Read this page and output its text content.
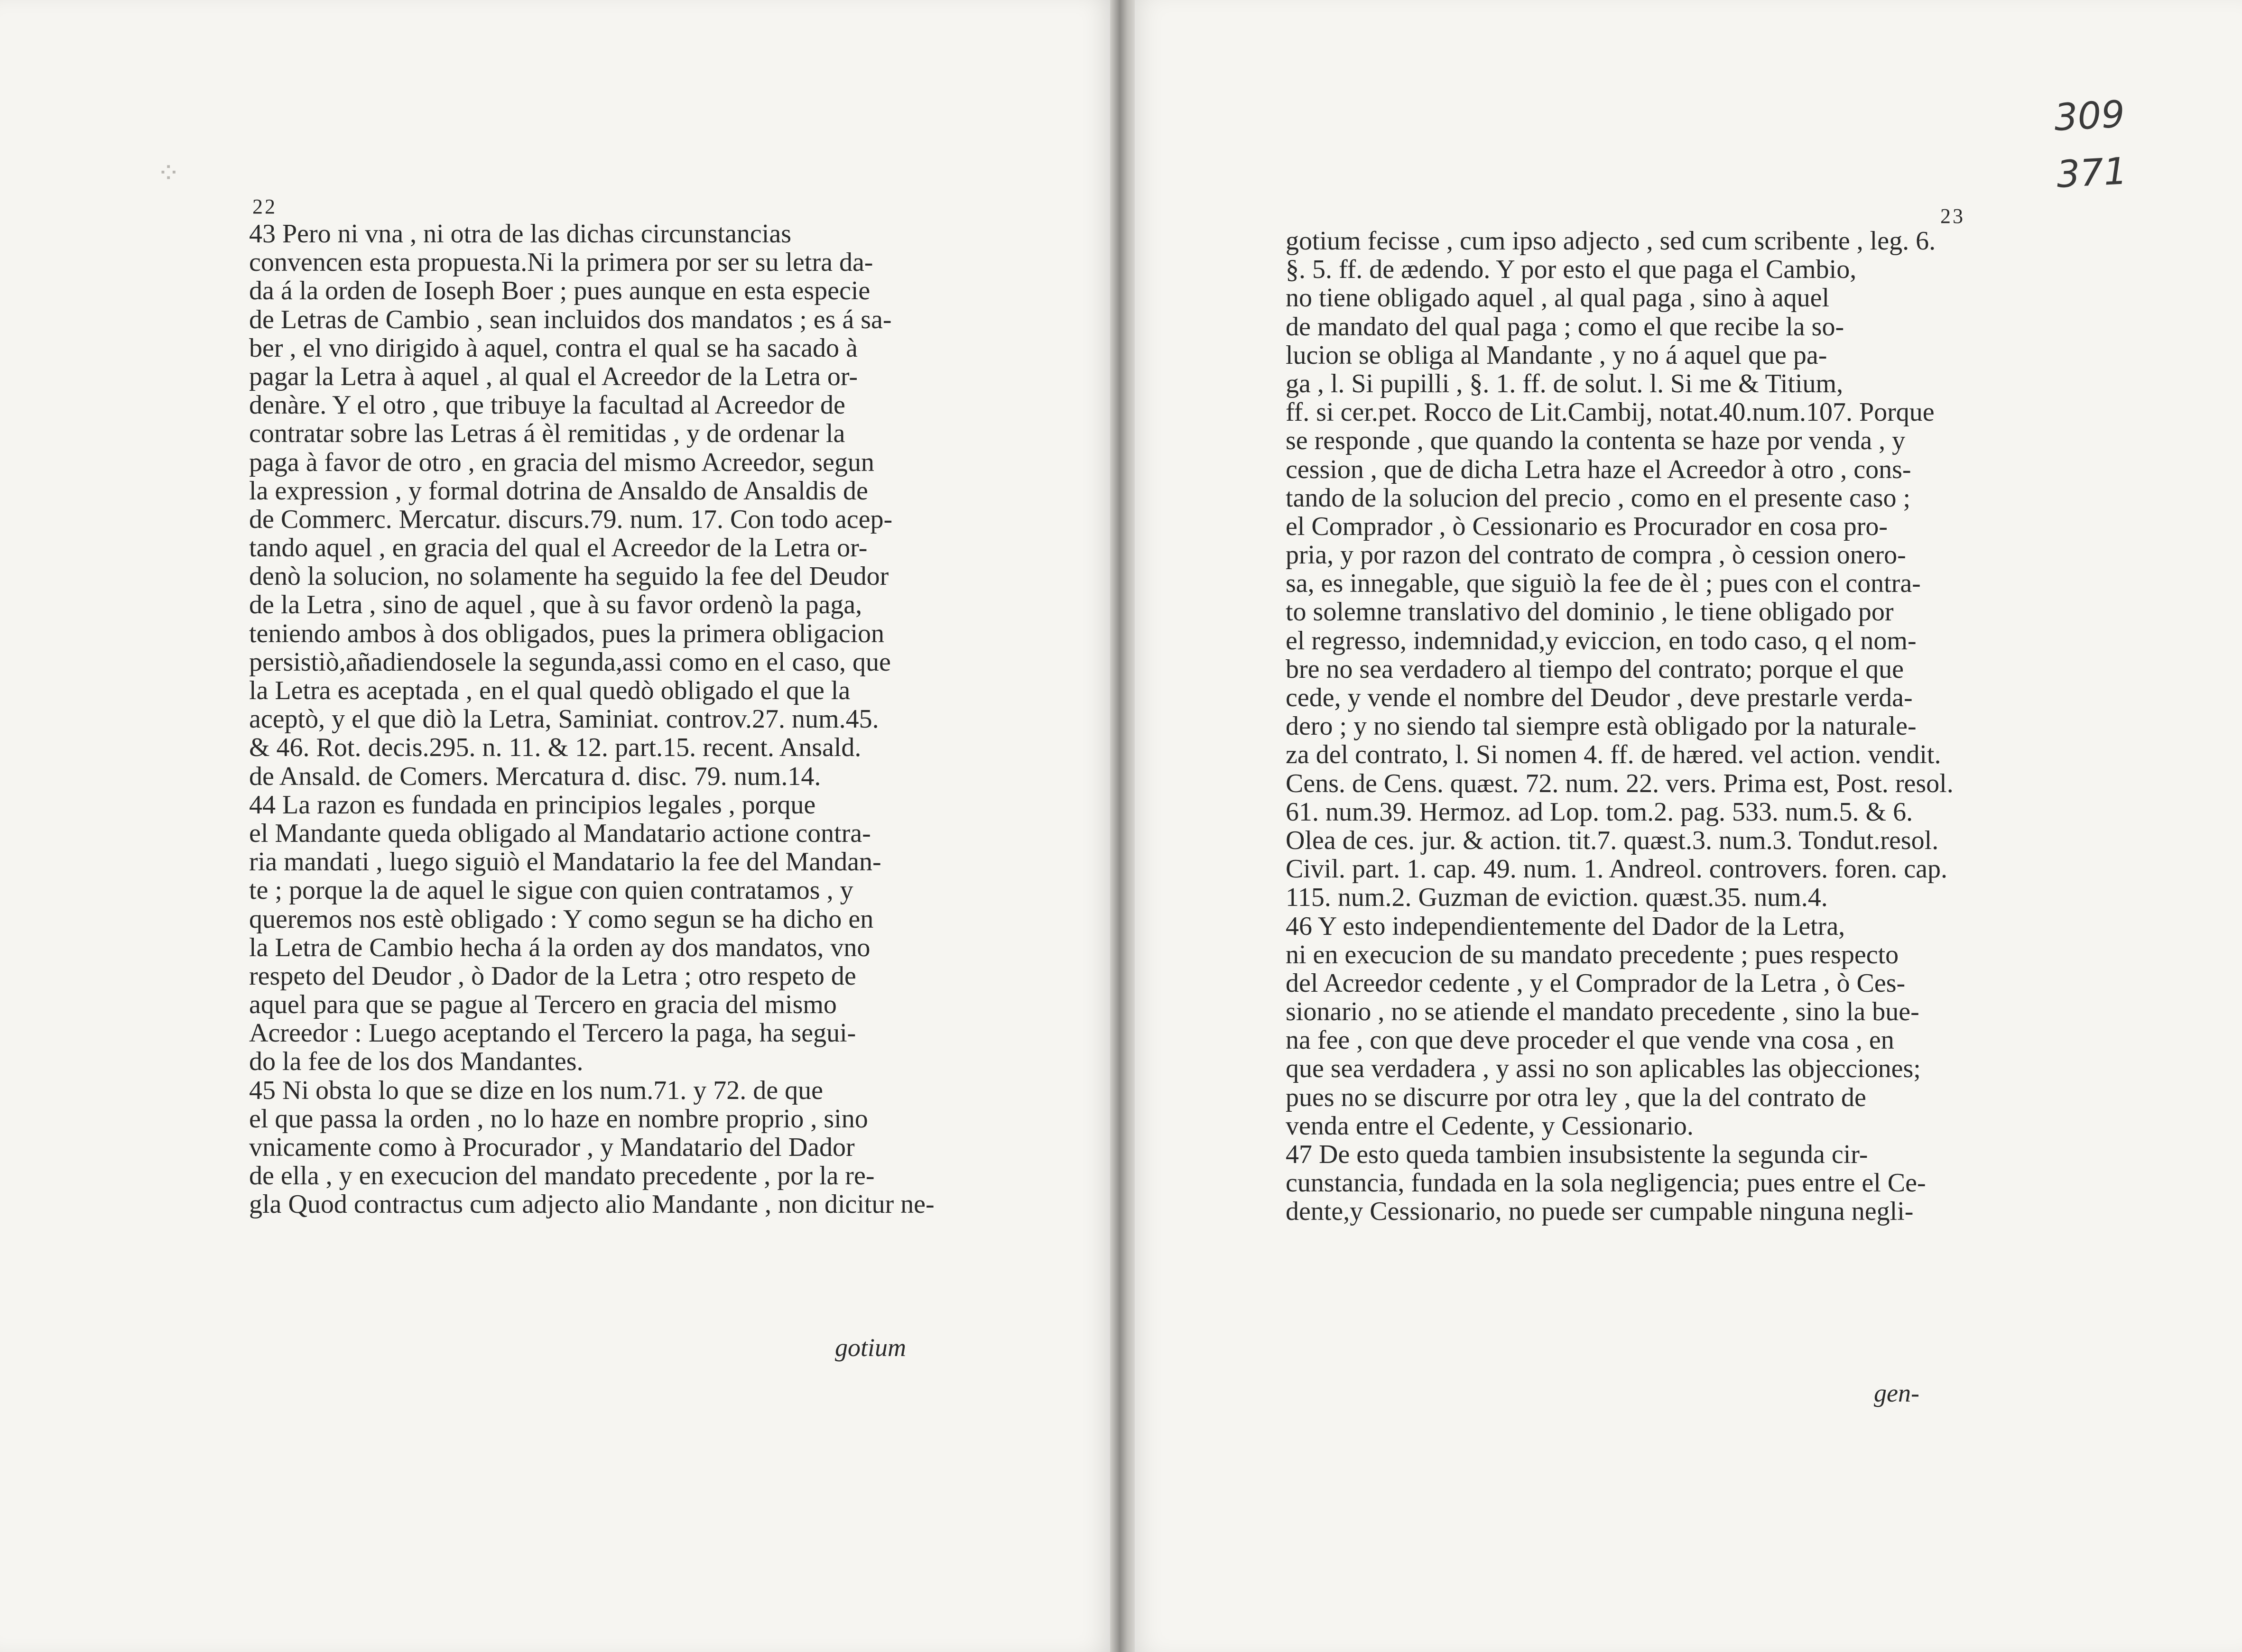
⁘
22
43 Pero ni vna , ni otra de las dichas circunstancias
convencen esta propuesta.Ni la primera por ser su letra da-
da á la orden de Ioseph Boer ; pues aunque en esta especie
de Letras de Cambio , sean incluidos dos mandatos ; es á sa-
ber , el vno dirigido à aquel, contra el qual se ha sacado à
pagar la Letra à aquel , al qual el Acreedor de la Letra or-
denàre. Y el otro , que tribuye la facultad al Acreedor de
contratar sobre las Letras á èl remitidas , y de ordenar la
paga à favor de otro , en gracia del mismo Acreedor, segun
la expression , y formal dotrina de Ansaldo de Ansaldis de
de Commerc. Mercatur. discurs.79. num. 17. Con todo acep-
tando aquel , en gracia del qual el Acreedor de la Letra or-
denò la solucion, no solamente ha seguido la fee del Deudor
de la Letra , sino de aquel , que à su favor ordenò la paga,
teniendo ambos à dos obligados, pues la primera obligacion
persistiò,añadiendosele la segunda,assi como en el caso, que
la Letra es aceptada , en el qual quedò obligado el que la
aceptò, y el que diò la Letra, Saminiat. controv.27. num.45.
& 46. Rot. decis.295. n. 11. & 12. part.15. recent. Ansald.
de Ansald. de Comers. Mercatura d. disc. 79. num.14.
44 La razon es fundada en principios legales , porque
el Mandante queda obligado al Mandatario actione contra-
ria mandati , luego siguiò el Mandatario la fee del Mandan-
te ; porque la de aquel le sigue con quien contratamos , y
queremos nos estè obligado : Y como segun se ha dicho en
la Letra de Cambio hecha á la orden ay dos mandatos, vno
respeto del Deudor , ò Dador de la Letra ; otro respeto de
aquel para que se pague al Tercero en gracia del mismo
Acreedor : Luego aceptando el Tercero la paga, ha segui-
do la fee de los dos Mandantes.
45 Ni obsta lo que se dize en los num.71. y 72. de que
el que passa la orden , no lo haze en nombre proprio , sino
vnicamente como à Procurador , y Mandatario del Dador
de ella , y en execucion del mandato precedente , por la re-
gla Quod contractus cum adjecto alio Mandante , non dicitur ne-
gotium
23
309
371
gotium fecisse , cum ipso adjecto , sed cum scribente , leg. 6.
§. 5. ff. de ædendo. Y por esto el que paga el Cambio,
no tiene obligado aquel , al qual paga , sino à aquel
de mandato del qual paga ; como el que recibe la so-
lucion se obliga al Mandante , y no á aquel que pa-
ga , l. Si pupilli , §. 1. ff. de solut. l. Si me & Titium,
ff. si cer.pet. Rocco de Lit.Cambij, notat.40.num.107. Porque
se responde , que quando la contenta se haze por venda , y
cession , que de dicha Letra haze el Acreedor à otro , cons-
tando de la solucion del precio , como en el presente caso ;
el Comprador , ò Cessionario es Procurador en cosa pro-
pria, y por razon del contrato de compra , ò cession onero-
sa, es innegable, que siguiò la fee de èl ; pues con el contra-
to solemne translativo del dominio , le tiene obligado por
el regresso, indemnidad,y eviccion, en todo caso, q el nom-
bre no sea verdadero al tiempo del contrato; porque el que
cede, y vende el nombre del Deudor , deve prestarle verda-
dero ; y no siendo tal siempre està obligado por la naturale-
za del contrato, l. Si nomen 4. ff. de hæred. vel action. vendit.
Cens. de Cens. quæst. 72. num. 22. vers. Prima est, Post. resol.
61. num.39. Hermoz. ad Lop. tom.2. pag. 533. num.5. & 6.
Olea de ces. jur. & action. tit.7. quæst.3. num.3. Tondut.resol.
Civil. part. 1. cap. 49. num. 1. Andreol. controvers. foren. cap.
115. num.2. Guzman de eviction. quæst.35. num.4.
46 Y esto independientemente del Dador de la Letra,
ni en execucion de su mandato precedente ; pues respecto
del Acreedor cedente , y el Comprador de la Letra , ò Ces-
sionario , no se atiende el mandato precedente , sino la bue-
na fee , con que deve proceder el que vende vna cosa , en
que sea verdadera , y assi no son aplicables las objecciones;
pues no se discurre por otra ley , que la del contrato de
venda entre el Cedente, y Cessionario.
47 De esto queda tambien insubsistente la segunda cir-
cunstancia, fundada en la sola negligencia; pues entre el Ce-
dente,y Cessionario, no puede ser cumpable ninguna negli-
gen-
